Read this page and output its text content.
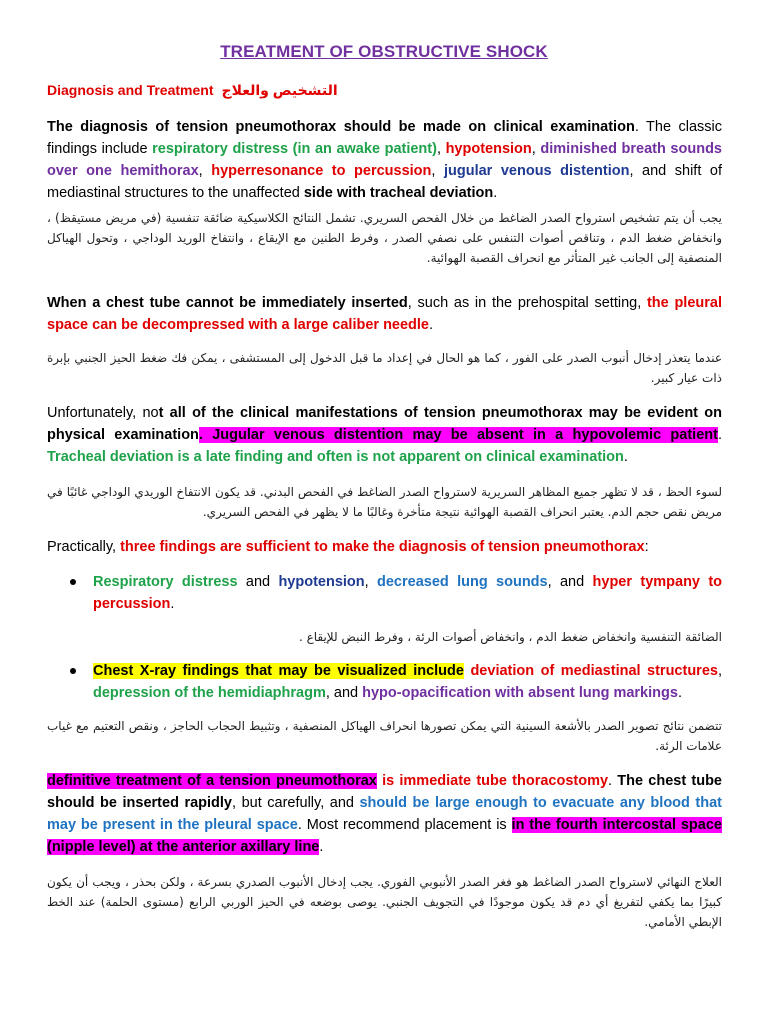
TREATMENT OF OBSTRUCTIVE SHOCK
Diagnosis and Treatment التشخيص والعلاج
The diagnosis of tension pneumothorax should be made on clinical examination. The classic findings include respiratory distress (in an awake patient), hypotension, diminished breath sounds over one hemithorax, hyperresonance to percussion, jugular venous distention, and shift of mediastinal structures to the unaffected side with tracheal deviation.
يجب أن يتم تشخيص استرواح الصدر الضاغط من خلال الفحص السريري. تشمل النتائج الكلاسيكية ضائقة تنفسية (في مريض مستيقظ) ، وانخفاض ضغط الدم ، وتناقص أصوات التنفس على نصفي الصدر ، وفرط الطنين مع الإيقاع ، وانتفاخ الوريد الوداجي ، وتحول الهياكل المنصفية إلى الجانب غير المتأثر مع انحراف القصبة الهوائية.
When a chest tube cannot be immediately inserted, such as in the prehospital setting, the pleural space can be decompressed with a large caliber needle.
عندما يتعذر إدخال أنبوب الصدر على الفور ، كما هو الحال في إعداد ما قبل الدخول إلى المستشفى ، يمكن فك ضغط الحيز الجنبي بإبرة ذات عيار كبير.
Unfortunately, not all of the clinical manifestations of tension pneumothorax may be evident on physical examination. Jugular venous distention may be absent in a hypovolemic patient. Tracheal deviation is a late finding and often is not apparent on clinical examination.
لسوء الحظ ، قد لا تظهر جميع المظاهر السريرية لاسترواح الصدر الضاغط في الفحص البدني. قد يكون الانتفاخ الوريدي الوداجي غائبًا في مريض نقص حجم الدم. يعتبر انحراف القصبة الهوائية نتيجة متأخرة وغالبًا ما لا يظهر في الفحص السريري.
Practically, three findings are sufficient to make the diagnosis of tension pneumothorax:
Respiratory distress and hypotension, decreased lung sounds, and hyper tympany to percussion.
الضائقة التنفسية وانخفاض ضغط الدم ، وانخفاض أصوات الرئة ، وفرط النبض للإيقاع .
Chest X-ray findings that may be visualized include deviation of mediastinal structures, depression of the hemidiaphragm, and hypo-opacification with absent lung markings.
تتضمن نتائج تصوير الصدر بالأشعة السينية التي يمكن تصورها انحراف الهياكل المنصفية ، وتثبيط الحجاب الحاجز ، ونقص التعتيم مع غياب علامات الرئة.
definitive treatment of a tension pneumothorax is immediate tube thoracostomy. The chest tube should be inserted rapidly, but carefully, and should be large enough to evacuate any blood that may be present in the pleural space. Most recommend placement is in the fourth intercostal space (nipple level) at the anterior axillary line.
العلاج النهائي لاسترواح الصدر الضاغط هو فغر الصدر الأنبوبي الفوري. يجب إدخال الأنبوب الصدري بسرعة ، ولكن بحذر ، ويجب أن يكون كبيرًا بما يكفي لتفريغ أي دم قد يكون موجودًا في التجويف الجنبي. يوصى بوضعه في الحيز الوربي الرابع (مستوى الحلمة) عند الخط الإبطي الأمامي.
